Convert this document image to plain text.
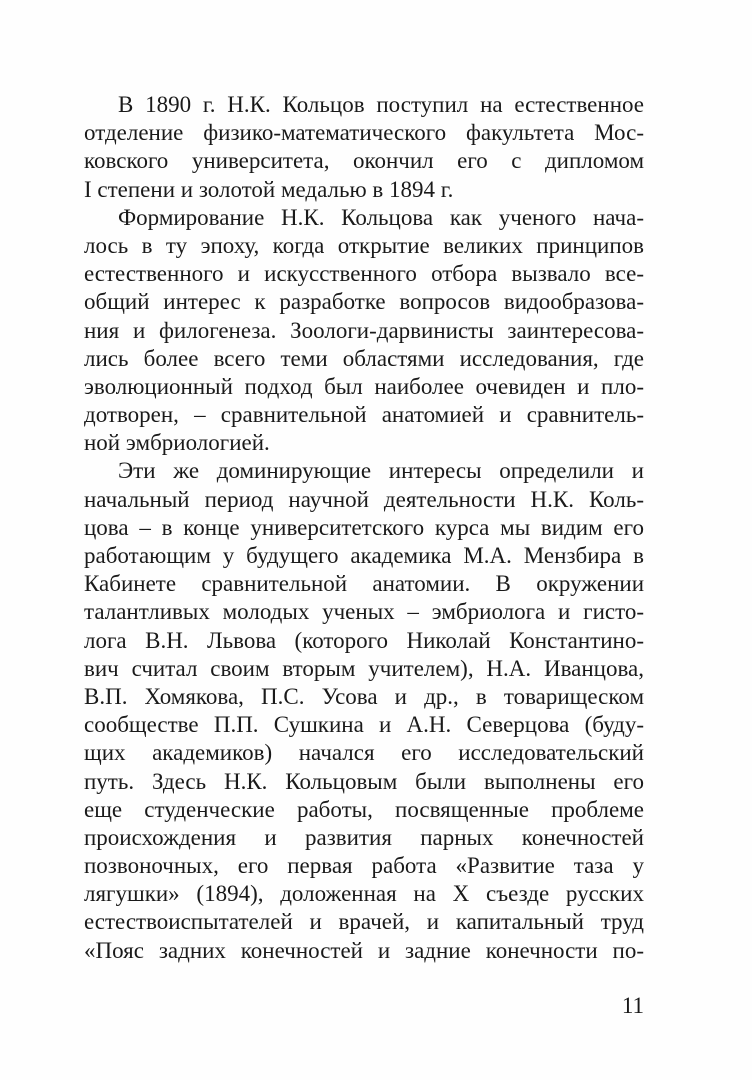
В 1890 г. Н.К. Кольцов поступил на естественное
отделение физико-математического факультета Мос-
ковского университета, окончил его с дипломом
I степени и золотой медалью в 1894 г.
Формирование Н.К. Кольцова как ученого нача-
лось в ту эпоху, когда открытие великих принципов
естественного и искусственного отбора вызвало все-
общий интерес к разработке вопросов видообразова-
ния и филогенеза. Зоологи-дарвинисты заинтересова-
лись более всего теми областями исследования, где
эволюционный подход был наиболее очевиден и пло-
дотворен, – сравнительной анатомией и сравнитель-
ной эмбриологией.
Эти же доминирующие интересы определили и
начальный период научной деятельности Н.К. Коль-
цова – в конце университетского курса мы видим его
работающим у будущего академика М.А. Мензбира в
Кабинете сравнительной анатомии. В окружении
талантливых молодых ученых – эмбриолога и гисто-
лога В.Н. Львова (которого Николай Константино-
вич считал своим вторым учителем), Н.А. Иванцова,
В.П. Хомякова, П.С. Усова и др., в товарищеском
сообществе П.П. Сушкина и А.Н. Северцова (буду-
щих академиков) начался его исследовательский
путь. Здесь Н.К. Кольцовым были выполнены его
еще студенческие работы, посвященные проблеме
происхождения и развития парных конечностей
позвоночных, его первая работа «Развитие таза у
лягушки» (1894), доложенная на X съезде русских
естествоиспытателей и врачей, и капитальный труд
«Пояс задних конечностей и задние конечности по-
11
